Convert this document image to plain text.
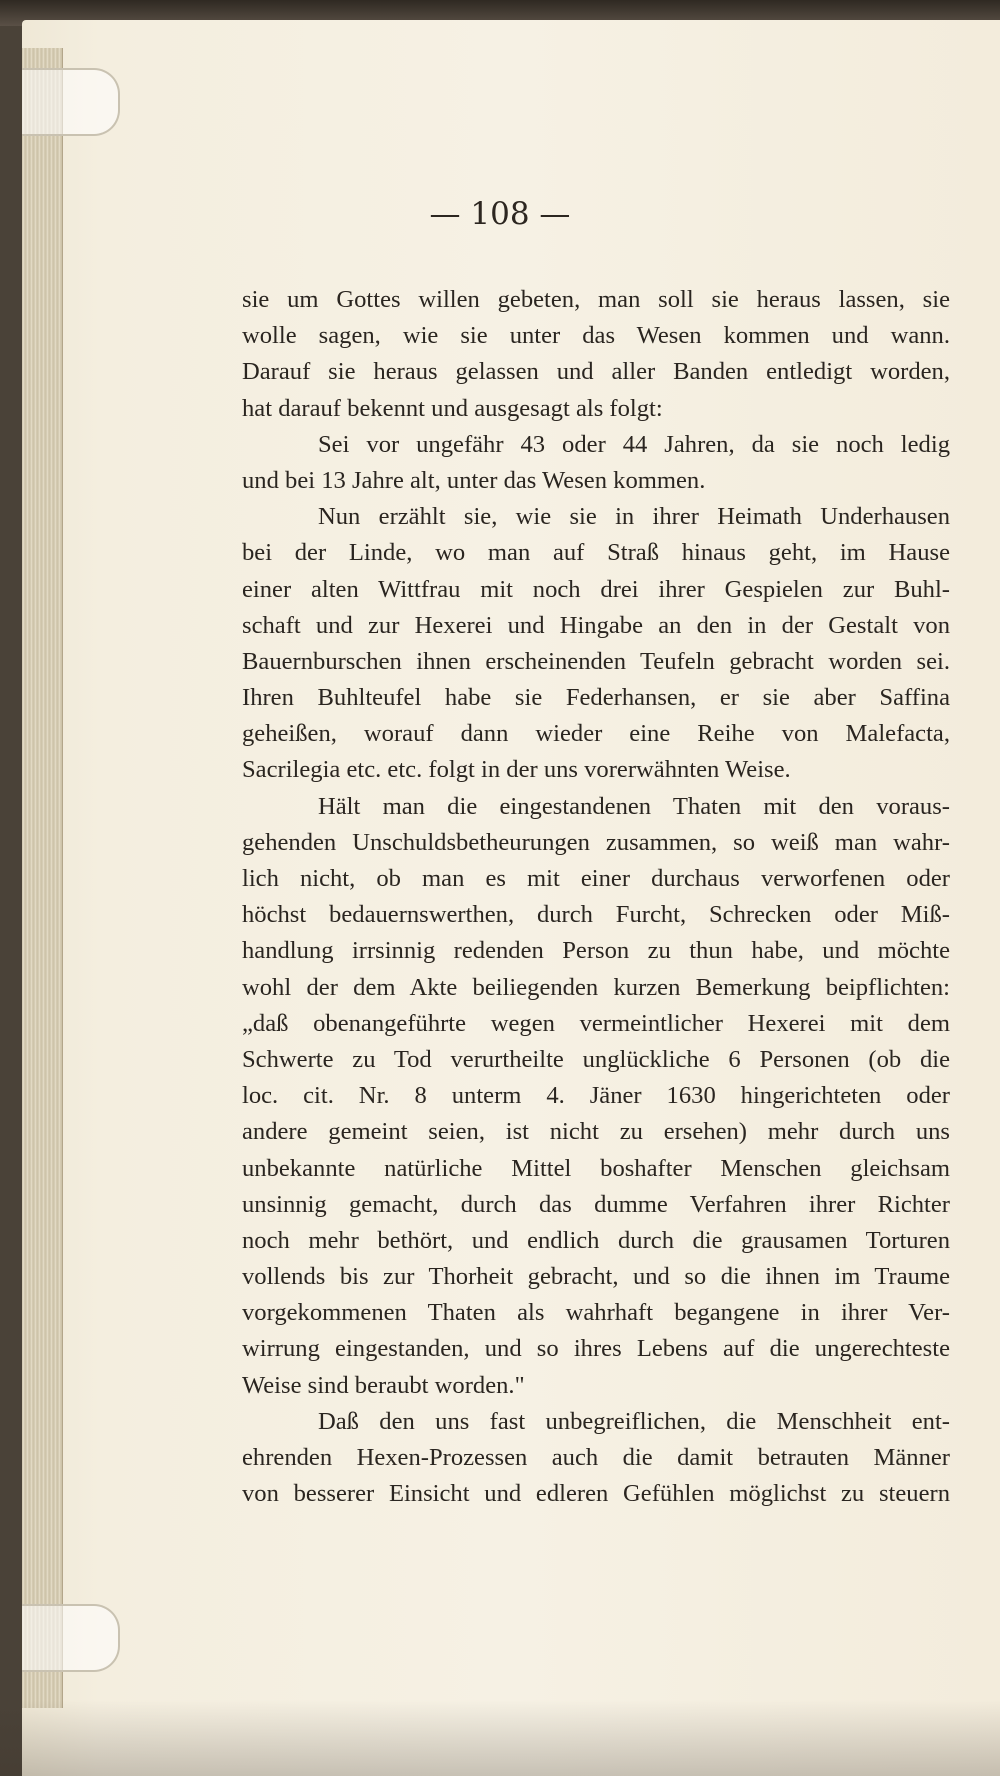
— 108 —
sie um Gottes willen gebeten, man soll sie heraus lassen, sie
wolle sagen, wie sie unter das Wesen kommen und wann.
Darauf sie heraus gelassen und aller Banden entledigt worden,
hat darauf bekennt und ausgesagt als folgt:
Sei vor ungefähr 43 oder 44 Jahren, da sie noch ledig
und bei 13 Jahre alt, unter das Wesen kommen.
Nun erzählt sie, wie sie in ihrer Heimath Underhausen
bei der Linde, wo man auf Straß hinaus geht, im Hause
einer alten Wittfrau mit noch drei ihrer Gespielen zur Buhl-
schaft und zur Hexerei und Hingabe an den in der Gestalt von
Bauernburschen ihnen erscheinenden Teufeln gebracht worden sei.
Ihren Buhlteufel habe sie Federhansen, er sie aber Saffina
geheißen, worauf dann wieder eine Reihe von Malefacta,
Sacrilegia etc. etc. folgt in der uns vorerwähnten Weise.
Hält man die eingestandenen Thaten mit den voraus-
gehenden Unschuldsbetheurungen zusammen, so weiß man wahr-
lich nicht, ob man es mit einer durchaus verworfenen oder
höchst bedauernswerthen, durch Furcht, Schrecken oder Miß-
handlung irrsinnig redenden Person zu thun habe, und möchte
wohl der dem Akte beiliegenden kurzen Bemerkung beipflichten:
„daß obenangeführte wegen vermeintlicher Hexerei mit dem
Schwerte zu Tod verurtheilte unglückliche 6 Personen (ob die
loc. cit. Nr. 8 unterm 4. Jäner 1630 hingerichteten oder
andere gemeint seien, ist nicht zu ersehen) mehr durch uns
unbekannte natürliche Mittel boshafter Menschen gleichsam
unsinnig gemacht, durch das dumme Verfahren ihrer Richter
noch mehr bethört, und endlich durch die grausamen Torturen
vollends bis zur Thorheit gebracht, und so die ihnen im Traume
vorgekommenen Thaten als wahrhaft begangene in ihrer Ver-
wirrung eingestanden, und so ihres Lebens auf die ungerechteste
Weise sind beraubt worden."
Daß den uns fast unbegreiflichen, die Menschheit ent-
ehrenden Hexen-Prozessen auch die damit betrauten Männer
von besserer Einsicht und edleren Gefühlen möglichst zu steuern
